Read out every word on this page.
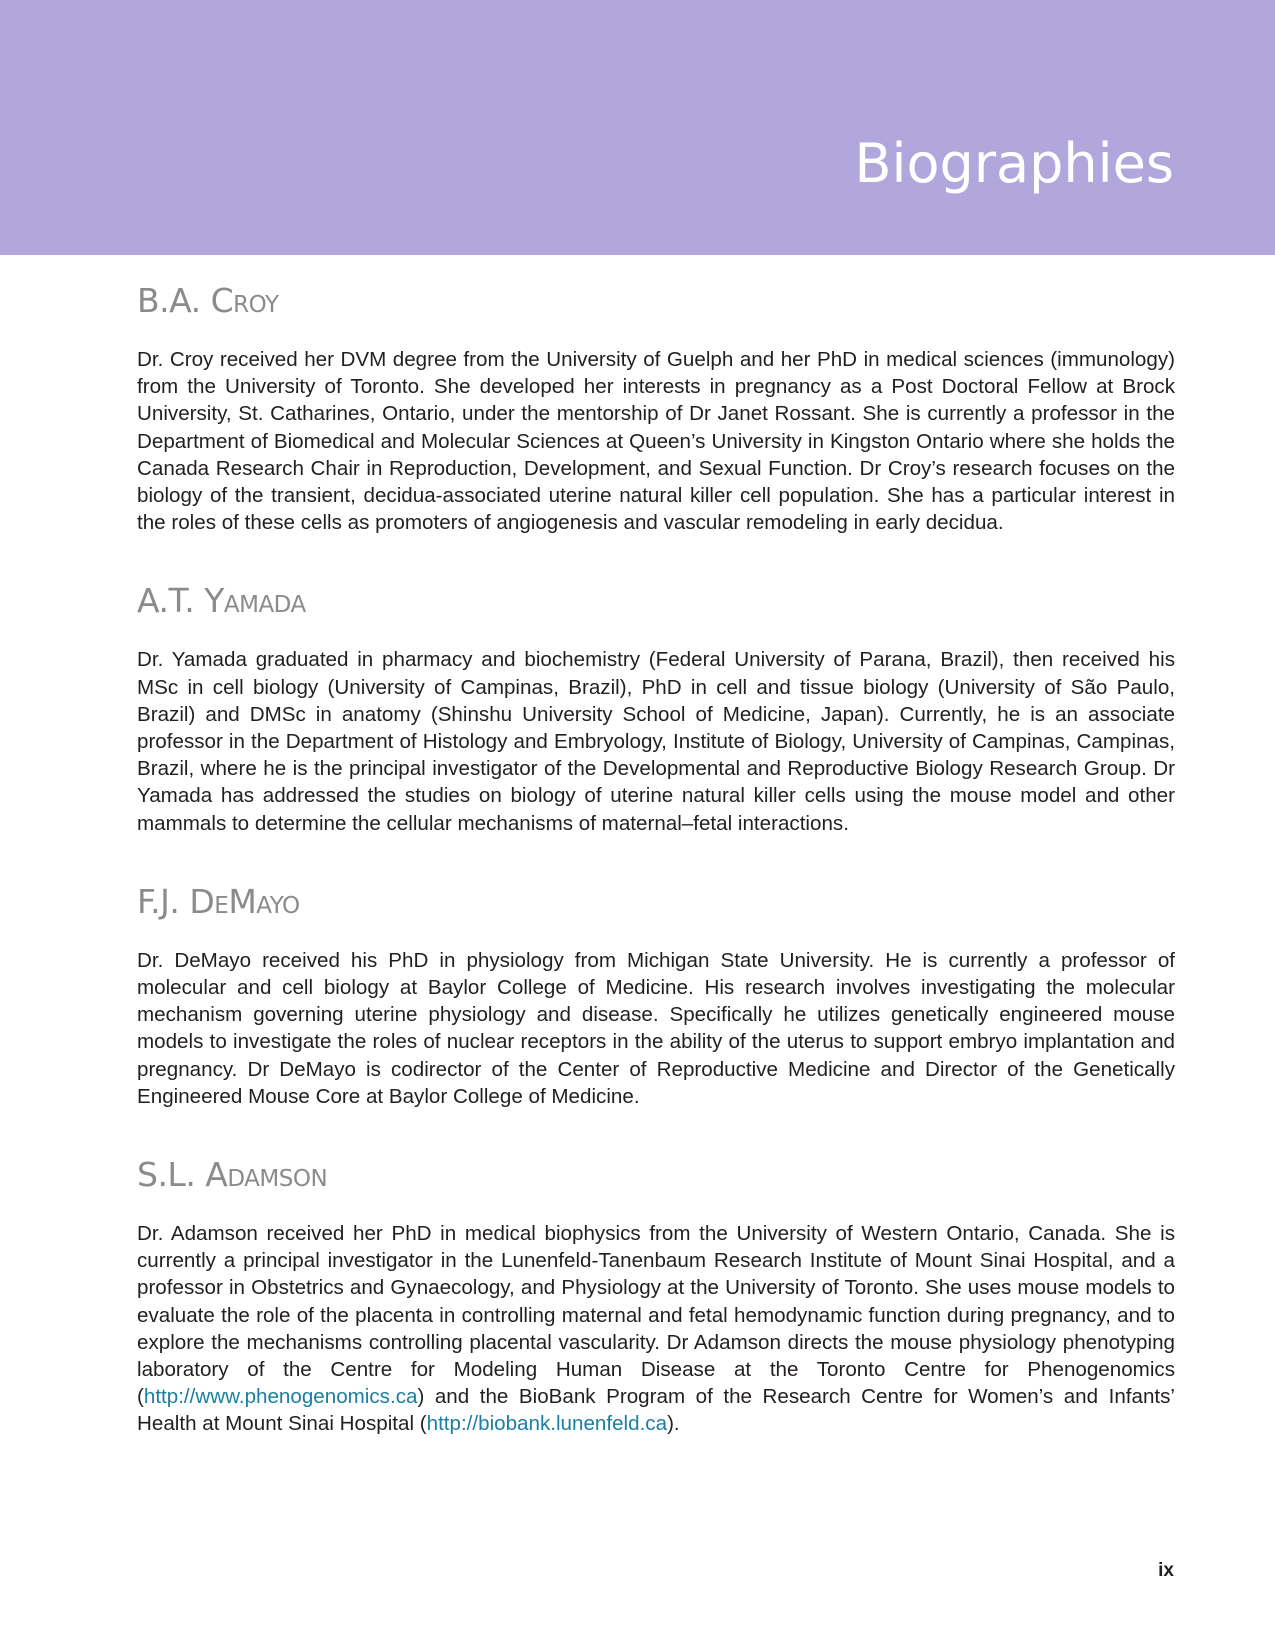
Biographies
B.A. Croy

Dr. Croy received her DVM degree from the University of Guelph and her PhD in medical sciences (immunology) from the University of Toronto. She developed her interests in pregnancy as a Post Doctoral Fellow at Brock University, St. Catharines, Ontario, under the mentorship of Dr Janet Rossant. She is currently a professor in the Department of Biomedical and Molecular Sciences at Queen’s University in Kingston Ontario where she holds the Canada Research Chair in Reproduction, Development, and Sexual Function. Dr Croy’s research focuses on the biology of the transient, decidua-associated uterine natural killer cell population. She has a particular interest in the roles of these cells as promoters of angiogenesis and vascular remodeling in early decidua.

A.T. Yamada

Dr. Yamada graduated in pharmacy and biochemistry (Federal University of Parana, Brazil), then received his MSc in cell biology (University of Campinas, Brazil), PhD in cell and tissue biology (University of São Paulo, Brazil) and DMSc in anatomy (Shinshu University School of Medicine, Japan). Currently, he is an associate professor in the Department of Histology and Embryology, Institute of Biology, University of Campinas, Campinas, Brazil, where he is the principal investigator of the Developmental and Reproductive Biology Research Group. Dr Yamada has addressed the studies on biology of uterine natural killer cells using the mouse model and other mammals to determine the cellular mechanisms of maternal–fetal interactions.

F.J. DeMayo

Dr. DeMayo received his PhD in physiology from Michigan State University. He is currently a professor of molecular and cell biology at Baylor College of Medicine. His research involves investigating the molecular mechanism governing uterine physiology and disease. Specifically he utilizes genetically engineered mouse models to investigate the roles of nuclear receptors in the ability of the uterus to support embryo implantation and pregnancy. Dr DeMayo is codirector of the Center of Reproductive Medicine and Director of the Genetically Engineered Mouse Core at Baylor College of Medicine.

S.L. Adamson

Dr. Adamson received her PhD in medical biophysics from the University of Western Ontario, Canada. She is currently a principal investigator in the Lunenfeld-Tanenbaum Research Institute of Mount Sinai Hospital, and a professor in Obstetrics and Gynaecology, and Physiology at the University of Toronto. She uses mouse models to evaluate the role of the placenta in controlling maternal and fetal hemodynamic function during pregnancy, and to explore the mechanisms controlling placental vascularity. Dr Adamson directs the mouse physiology phenotyping laboratory of the Centre for Modeling Human Disease at the Toronto Centre for Phenogenomics (http://www.phenogenomics.ca) and the BioBank Program of the Research Centre for Women’s and Infants’ Health at Mount Sinai Hospital (http://biobank.lunenfeld.ca).

ix
